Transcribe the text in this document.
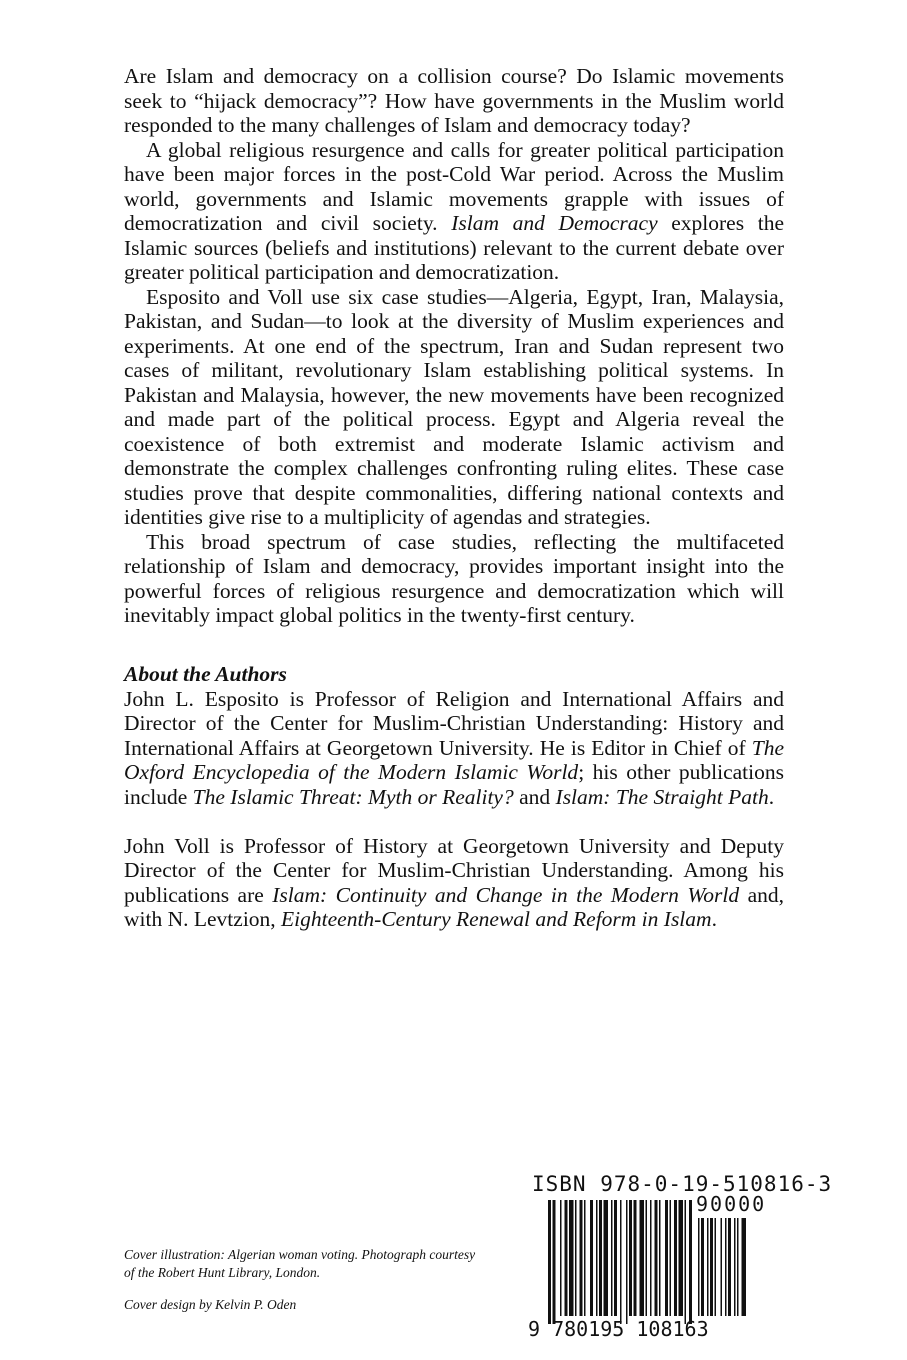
Are Islam and democracy on a collision course? Do Islamic movements seek to “hijack democracy”? How have governments in the Muslim world responded to the many challenges of Islam and democracy today?

A global religious resurgence and calls for greater political participation have been major forces in the post-Cold War period. Across the Muslim world, governments and Islamic movements grapple with issues of democratization and civil society. Islam and Democracy explores the Islamic sources (beliefs and institutions) relevant to the current debate over greater political participation and democratization.

Esposito and Voll use six case studies—Algeria, Egypt, Iran, Malaysia, Pakistan, and Sudan—to look at the diversity of Muslim experiences and experiments. At one end of the spectrum, Iran and Sudan represent two cases of militant, revolutionary Islam establishing political systems. In Pakistan and Malaysia, however, the new movements have been recognized and made part of the political process. Egypt and Algeria reveal the coexistence of both extremist and moderate Islamic activism and demonstrate the complex challenges confronting ruling elites. These case studies prove that despite commonalities, differing national contexts and identities give rise to a multiplicity of agendas and strategies.

This broad spectrum of case studies, reflecting the multifaceted relationship of Islam and democracy, provides important insight into the powerful forces of religious resurgence and democratization which will inevitably impact global politics in the twenty-first century.

About the Authors

John L. Esposito is Professor of Religion and International Affairs and Director of the Center for Muslim-Christian Understanding: History and International Affairs at Georgetown University. He is Editor in Chief of The Oxford Encyclopedia of the Modern Islamic World; his other publications include The Islamic Threat: Myth or Reality? and Islam: The Straight Path.

John Voll is Professor of History at Georgetown University and Deputy Director of the Center for Muslim-Christian Understanding. Among his publications are Islam: Continuity and Change in the Modern World and, with N. Levtzion, Eighteenth-Century Renewal and Reform in Islam.

Cover illustration: Algerian woman voting. Photograph courtesy of the Robert Hunt Library, London.

Cover design by Kelvin P. Oden

ISBN 978-0-19-510816-3
90000
9 780195 108163
